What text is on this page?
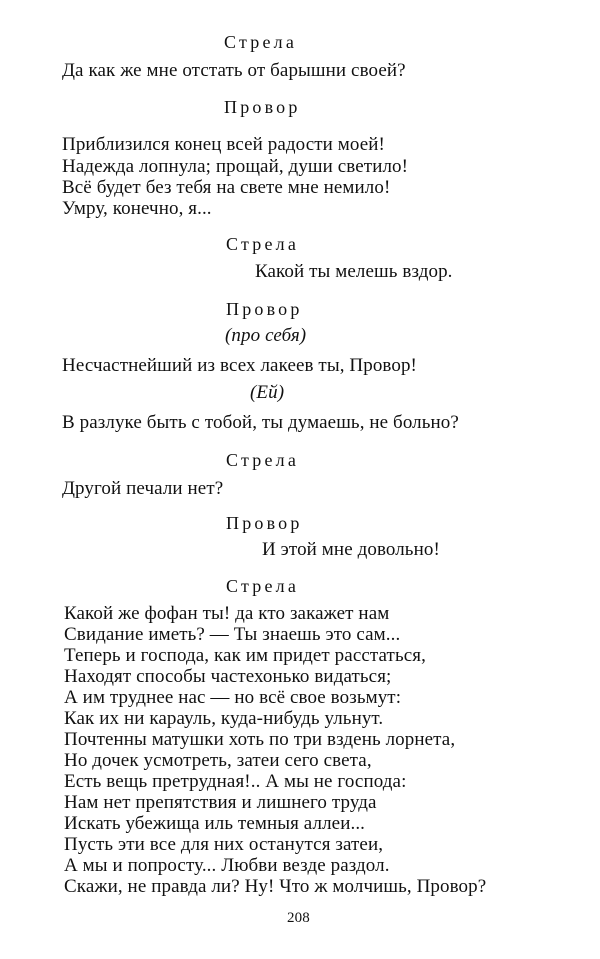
Стрела
Да как же мне отстать от барышни своей?
Провор
Приблизился конец всей радости моей!
Надежда лопнула; прощай, души светило!
Всё будет без тебя на свете мне немило!
Умру, конечно, я...
Стрела
Какой ты мелешь вздор.
Провор
(про себя)
Несчастнейший из всех лакеев ты, Провор!
(Ей)
В разлуке быть с тобой, ты думаешь, не больно?
Стрела
Другой печали нет?
Провор
И этой мне довольно!
Стрела
Какой же фофан ты! да кто закажет нам
Свидание иметь? — Ты знаешь это сам...
Теперь и господа, как им придет расстаться,
Находят способы частехонько видаться;
А им труднее нас — но всё свое возьмут:
Как их ни карауль, куда-нибудь ульнут.
Почтенны матушки хоть по три вздень лорнета,
Но дочек усмотреть, затеи сего света,
Есть вещь претрудная!.. А мы не господа:
Нам нет препятствия и лишнего труда
Искать убежища иль темныя аллеи...
Пусть эти все для них останутся затеи,
А мы и попросту... Любви везде раздол.
Скажи, не правда ли? Ну! Что ж молчишь, Провор?
208
